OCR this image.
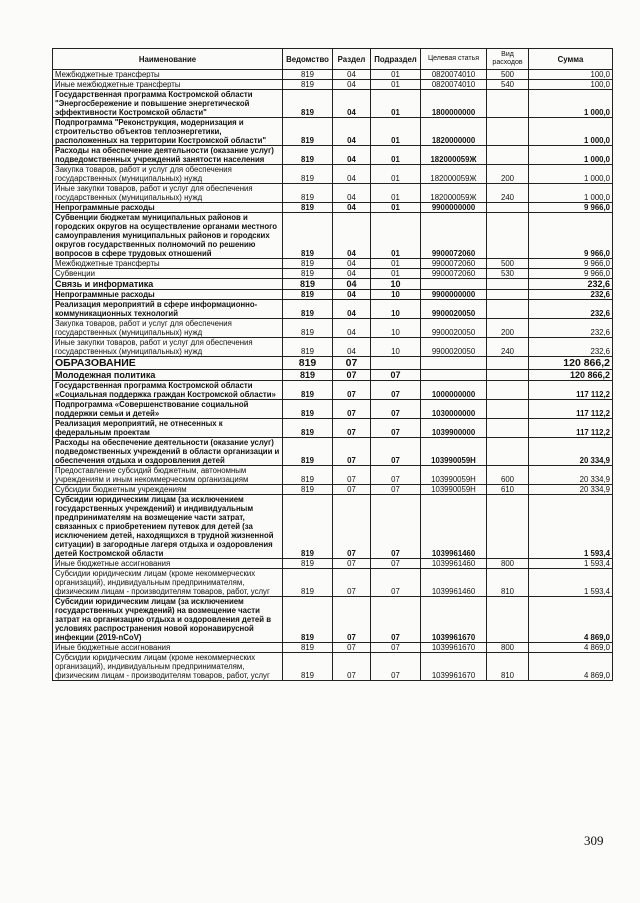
Наименование	Ведомство	Раздел	Подраздел	Целевая статья	Вид расходов	Сумма
Межбюджетные трансферты	819	04	01	0820074010	500	100,0
Иные межбюджетные трансферты	819	04	01	0820074010	540	100,0
Государственная программа Костромской области "Энергосбережение и повышение энергетической эффективности Костромской области"	819	04	01	1800000000		1 000,0
Подпрограмма "Реконструкция, модернизация и строительство объектов теплоэнергетики, расположенных на территории Костромской области"	819	04	01	1820000000		1 000,0
Расходы на обеспечение деятельности (оказание услуг) подведомственных учреждений занятости населения	819	04	01	182000059Ж		1 000,0
Закупка товаров, работ и услуг для обеспечения государственных (муниципальных) нужд	819	04	01	182000059Ж	200	1 000,0
Иные закупки товаров, работ и услуг для обеспечения государственных (муниципальных) нужд	819	04	01	182000059Ж	240	1 000,0
Непрограммные расходы	819	04	01	9900000000		9 966,0
Субвенции бюджетам муниципальных районов и городских округов на осуществление органами местного самоуправления муниципальных районов и городских округов государственных полномочий по решению вопросов в сфере трудовых отношений	819	04	01	9900072060		9 966,0
Межбюджетные трансферты	819	04	01	9900072060	500	9 966,0
Субвенции	819	04	01	9900072060	530	9 966,0
Связь и информатика	819	04	10			232,6
Непрограммные расходы	819	04	10	9900000000		232,6
Реализация мероприятий в сфере информационно-коммуникационных технологий	819	04	10	9900020050		232,6
Закупка товаров, работ и услуг для обеспечения государственных (муниципальных) нужд	819	04	10	9900020050	200	232,6
Иные закупки товаров, работ и услуг для обеспечения государственных (муниципальных) нужд	819	04	10	9900020050	240	232,6
ОБРАЗОВАНИЕ	819	07				120 866,2
Молодежная политика	819	07	07			120 866,2
Государственная программа Костромской области «Социальная поддержка граждан Костромской области»	819	07	07	1000000000		117 112,2
Подпрограмма «Совершенствование социальной поддержки семьи и детей»	819	07	07	1030000000		117 112,2
Реализация мероприятий, не отнесенных к федеральным проектам	819	07	07	1039900000		117 112,2
Расходы на обеспечение деятельности (оказание услуг) подведомственных учреждений в области организации и обеспечения отдыха и оздоровления детей	819	07	07	103990059Н		20 334,9
Предоставление субсидий бюджетным, автономным учреждениям и иным некоммерческим организациям	819	07	07	103990059Н	600	20 334,9
Субсидии бюджетным учреждениям	819	07	07	103990059Н	610	20 334,9
Субсидии юридическим лицам (за исключением государственных учреждений) и индивидуальным предпринимателям на возмещение части затрат, связанных с приобретением путевок для детей (за исключением детей, находящихся в трудной жизненной ситуации) в загородные лагеря отдыха и оздоровления детей Костромской области	819	07	07	1039961460		1 593,4
Иные бюджетные ассигнования	819	07	07	1039961460	800	1 593,4
Субсидии юридическим лицам (кроме некоммерческих организаций), индивидуальным предпринимателям, физическим лицам - производителям товаров, работ, услуг	819	07	07	1039961460	810	1 593,4
Субсидии юридическим лицам (за исключением государственных учреждений) на возмещение части затрат на организацию отдыха и оздоровления детей в условиях распространения новой коронавирусной инфекции (2019-nCoV)	819	07	07	1039961670		4 869,0
Иные бюджетные ассигнования	819	07	07	1039961670	800	4 869,0
Субсидии юридическим лицам (кроме некоммерческих организаций), индивидуальным предпринимателям, физическим лицам - производителям товаров, работ, услуг	819	07	07	1039961670	810	4 869,0
309
